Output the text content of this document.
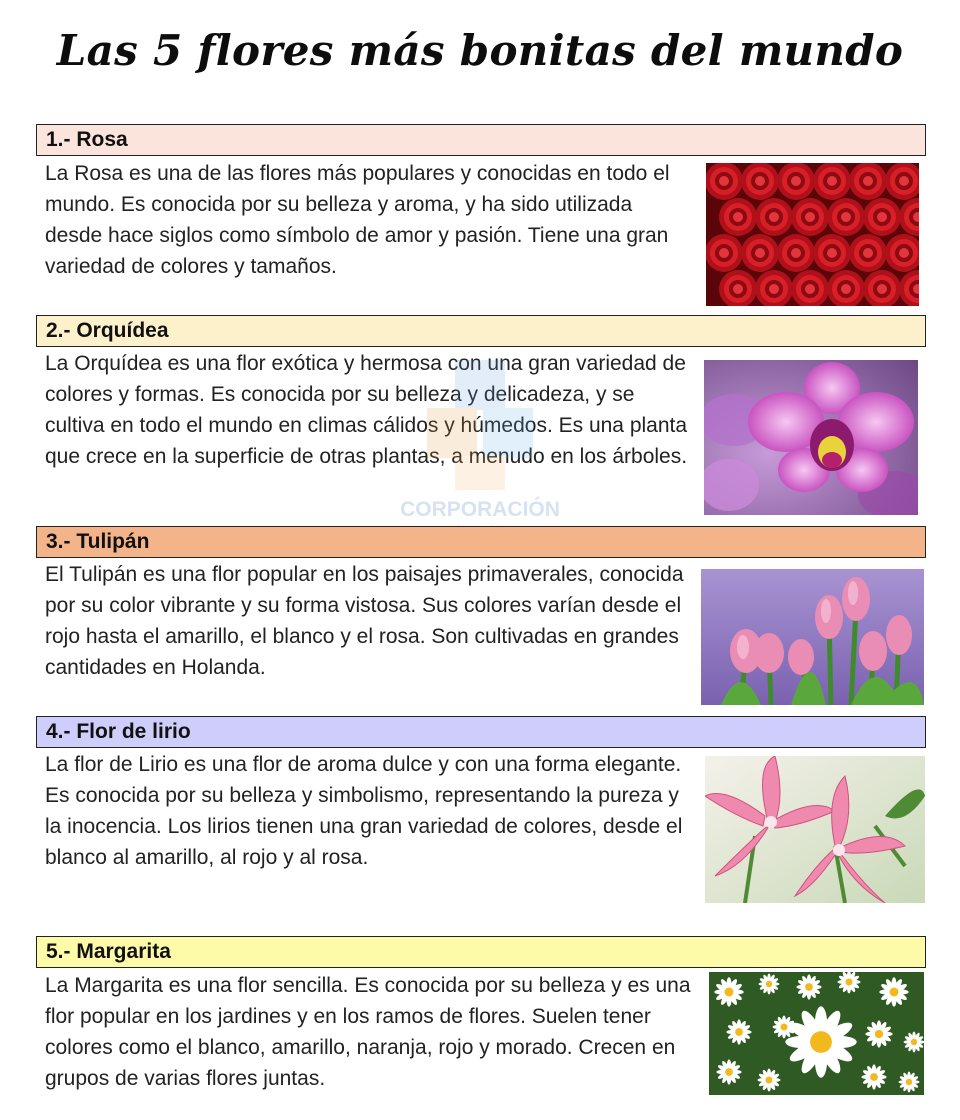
Las 5 flores más bonitas del mundo
1.- Rosa
La Rosa es una de las flores más populares y conocidas en todo el mundo. Es conocida por su belleza y aroma, y ha sido utilizada desde hace siglos como símbolo de amor y pasión. Tiene una gran variedad de colores y tamaños.
2.- Orquídea
La Orquídea es una flor exótica y hermosa con una gran variedad de colores y formas. Es conocida por su belleza y delicadeza, y se cultiva en todo el mundo en climas cálidos y húmedos. Es una planta que crece en la superficie de otras plantas, a menudo en los árboles.
CORPORACIÓN
3.- Tulipán
El Tulipán es una flor popular en los paisajes primaverales, conocida por su color vibrante y su forma vistosa. Sus colores varían desde el rojo hasta el amarillo, el blanco y el rosa. Son cultivadas en grandes cantidades en Holanda.
4.- Flor de lirio
La flor de Lirio es una flor de aroma dulce y con una forma elegante. Es conocida por su belleza y simbolismo, representando la pureza y la inocencia. Los lirios tienen una gran variedad de colores, desde el blanco al amarillo, al rojo y al rosa.
5.- Margarita
La Margarita es una flor sencilla. Es conocida por su belleza y es una flor popular en los jardines y en los ramos de flores. Suelen tener colores como el blanco, amarillo, naranja, rojo y morado. Crecen en grupos de varias flores juntas.
